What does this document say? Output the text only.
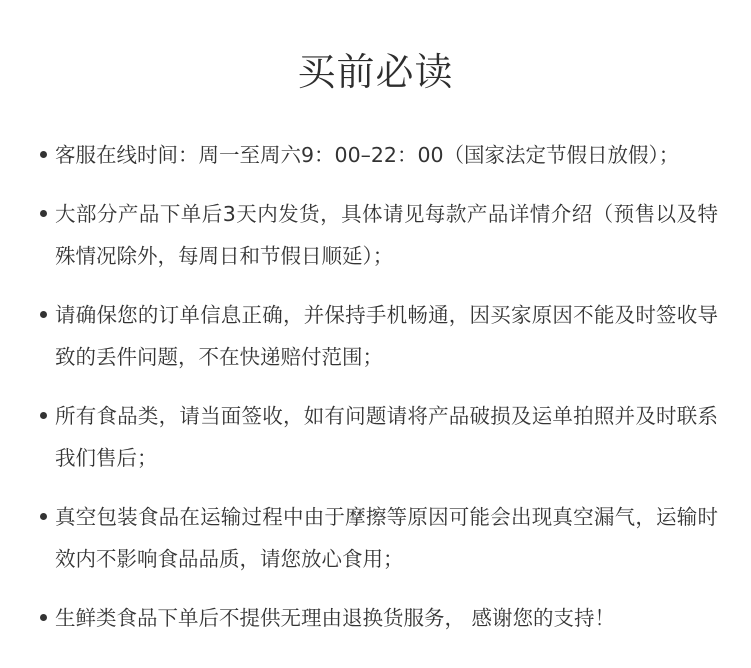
买前必读
客服在线时间：周一至周六9：00–22：00（国家法定节假日放假）；
大部分产品下单后3天内发货，具体请见每款产品详情介绍（预售以及特殊情况除外，每周日和节假日顺延）；
请确保您的订单信息正确，并保持手机畅通，因买家原因不能及时签收导致的丢件问题，不在快递赔付范围；
所有食品类，请当面签收，如有问题请将产品破损及运单拍照并及时联系我们售后；
真空包装食品在运输过程中由于摩擦等原因可能会出现真空漏气，运输时效内不影响食品品质，请您放心食用；
生鲜类食品下单后不提供无理由退换货服务， 感谢您的支持！
